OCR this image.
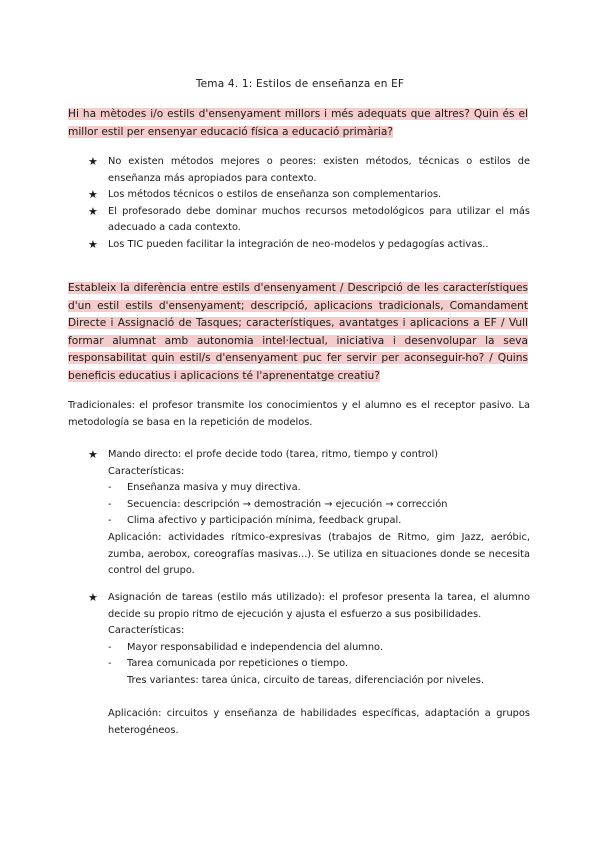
Tema 4. 1: Estilos de enseñanza en EF
Hi ha mètodes i/o estils d'ensenyament millors i més adequats que altres? Quin és el millor estil per ensenyar educació física a educació primària?
★ No existen métodos mejores o peores: existen métodos, técnicas o estilos de enseñanza más apropiados para contexto.
★ Los métodos técnicos o estilos de enseñanza son complementarios.
★ El profesorado debe dominar muchos recursos metodológicos para utilizar el más adecuado a cada contexto.
★ Los TIC pueden facilitar la integración de neo-modelos y pedagogías activas..
Estableix la diferència entre estils d'ensenyament / Descripció de les característiques d'un estil estils d'ensenyament; descripció, aplicacions tradicionals, Comandament Directe i Assignació de Tasques; característiques, avantatges i aplicacions a EF / Vull formar alumnat amb autonomia intel·lectual, iniciativa i desenvolupar la seva responsabilitat quin estil/s d'ensenyament puc fer servir per aconseguir-ho? / Quins beneficis educatius i aplicacions té l'aprenentatge creatiu?
Tradicionales: el profesor transmite los conocimientos y el alumno es el receptor pasivo. La metodología se basa en la repetición de modelos.
★ Mando directo: el profe decide todo (tarea, ritmo, tiempo y control)
Características:
- Enseñanza masiva y muy directiva.
- Secuencia: descripción → demostración → ejecución → corrección
- Clima afectivo y participación mínima, feedback grupal.
Aplicación: actividades rítmico-expresivas (trabajos de Ritmo, gim Jazz, aeróbic, zumba, aerobox, coreografías masivas...). Se utiliza en situaciones donde se necesita control del grupo.
★ Asignación de tareas (estilo más utilizado): el profesor presenta la tarea, el alumno decide su propio ritmo de ejecución y ajusta el esfuerzo a sus posibilidades.
Características:
- Mayor responsabilidad e independencia del alumno.
- Tarea comunicada por repeticiones o tiempo.
Tres variantes: tarea única, circuito de tareas, diferenciación por niveles.
Aplicación: circuitos y enseñanza de habilidades específicas, adaptación a grupos heterogéneos.
